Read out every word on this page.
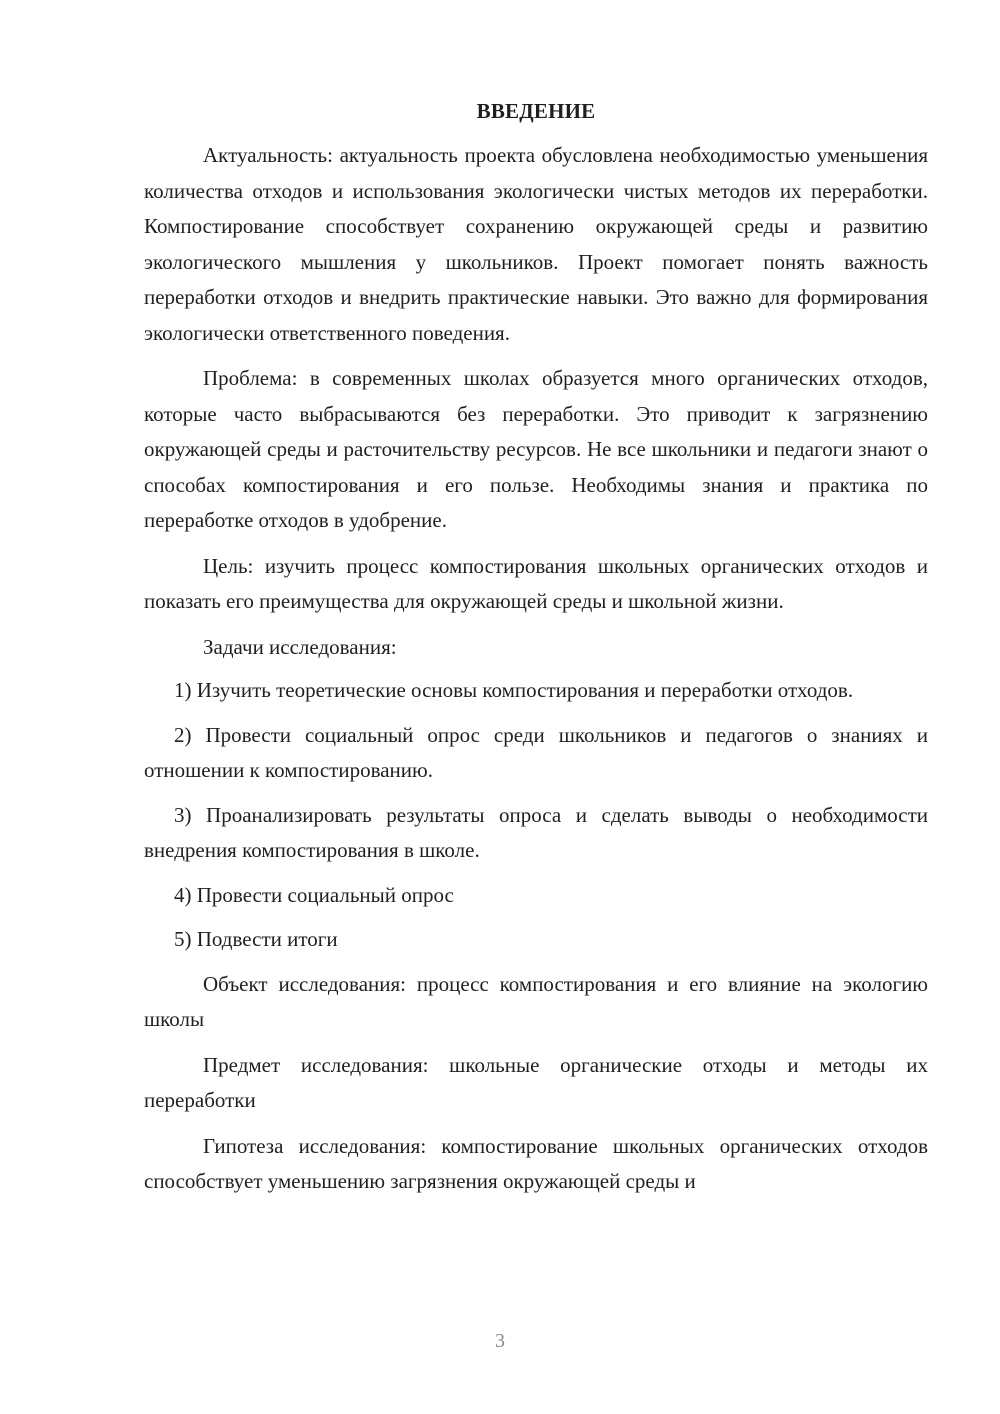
ВВЕДЕНИЕ

Актуальность: актуальность проекта обусловлена необходимостью уменьшения количества отходов и использования экологически чистых методов их переработки. Компостирование способствует сохранению окружающей среды и развитию экологического мышления у школьников. Проект помогает понять важность переработки отходов и внедрить практические навыки. Это важно для формирования экологически ответственного поведения.

Проблема: в современных школах образуется много органических отходов, которые часто выбрасываются без переработки. Это приводит к загрязнению окружающей среды и расточительству ресурсов. Не все школьники и педагоги знают о способах компостирования и его пользе. Необходимы знания и практика по переработке отходов в удобрение.

Цель: изучить процесс компостирования школьных органических отходов и показать его преимущества для окружающей среды и школьной жизни.

Задачи исследования:

1) Изучить теоретические основы компостирования и переработки отходов.

2) Провести социальный опрос среди школьников и педагогов о знаниях и отношении к компостированию.

3) Проанализировать результаты опроса и сделать выводы о необходимости внедрения компостирования в школе.

4) Провести социальный опрос

5) Подвести итоги

Объект исследования: процесс компостирования и его влияние на экологию школы

Предмет исследования: школьные органические отходы и методы их переработки

Гипотеза исследования: компостирование школьных органических отходов способствует уменьшению загрязнения окружающей среды и

3
